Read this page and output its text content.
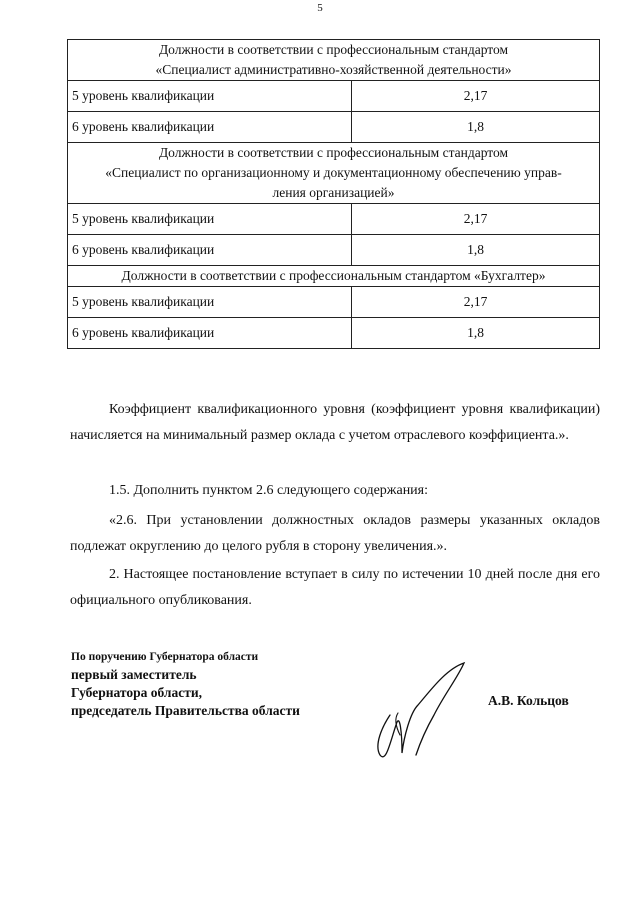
5
Должности в соответствии с профессиональным стандартом
«Специалист административно-хозяйственной деятельности»	

5 уровень квалификации	2,17
6 уровень квалификации	1,8

Должности в соответствии с профессиональным стандартом
«Специалист по организационному и документационному обеспечению управ-
ления организацией»	

5 уровень квалификации	2,17
6 уровень квалификации	1,8

Должности в соответствии с профессиональным стандартом «Бухгалтер»	

5 уровень квалификации	2,17
6 уровень квалификации	1,8

Коэффициент квалификационного уровня (коэффициент уровня квалификации) начисляется на минимальный размер оклада с учетом отраслевого коэффициента.».

1.5. Дополнить пунктом 2.6 следующего содержания:

«2.6. При установлении должностных окладов размеры указанных окладов подлежат округлению до целого рубля в сторону увеличения.».

2. Настоящее постановление вступает в силу по истечении 10 дней после дня его официального опубликования.

По поручению Губернатора области
первый заместитель
Губернатора области,
председатель Правительства области
А.В. Кольцов
